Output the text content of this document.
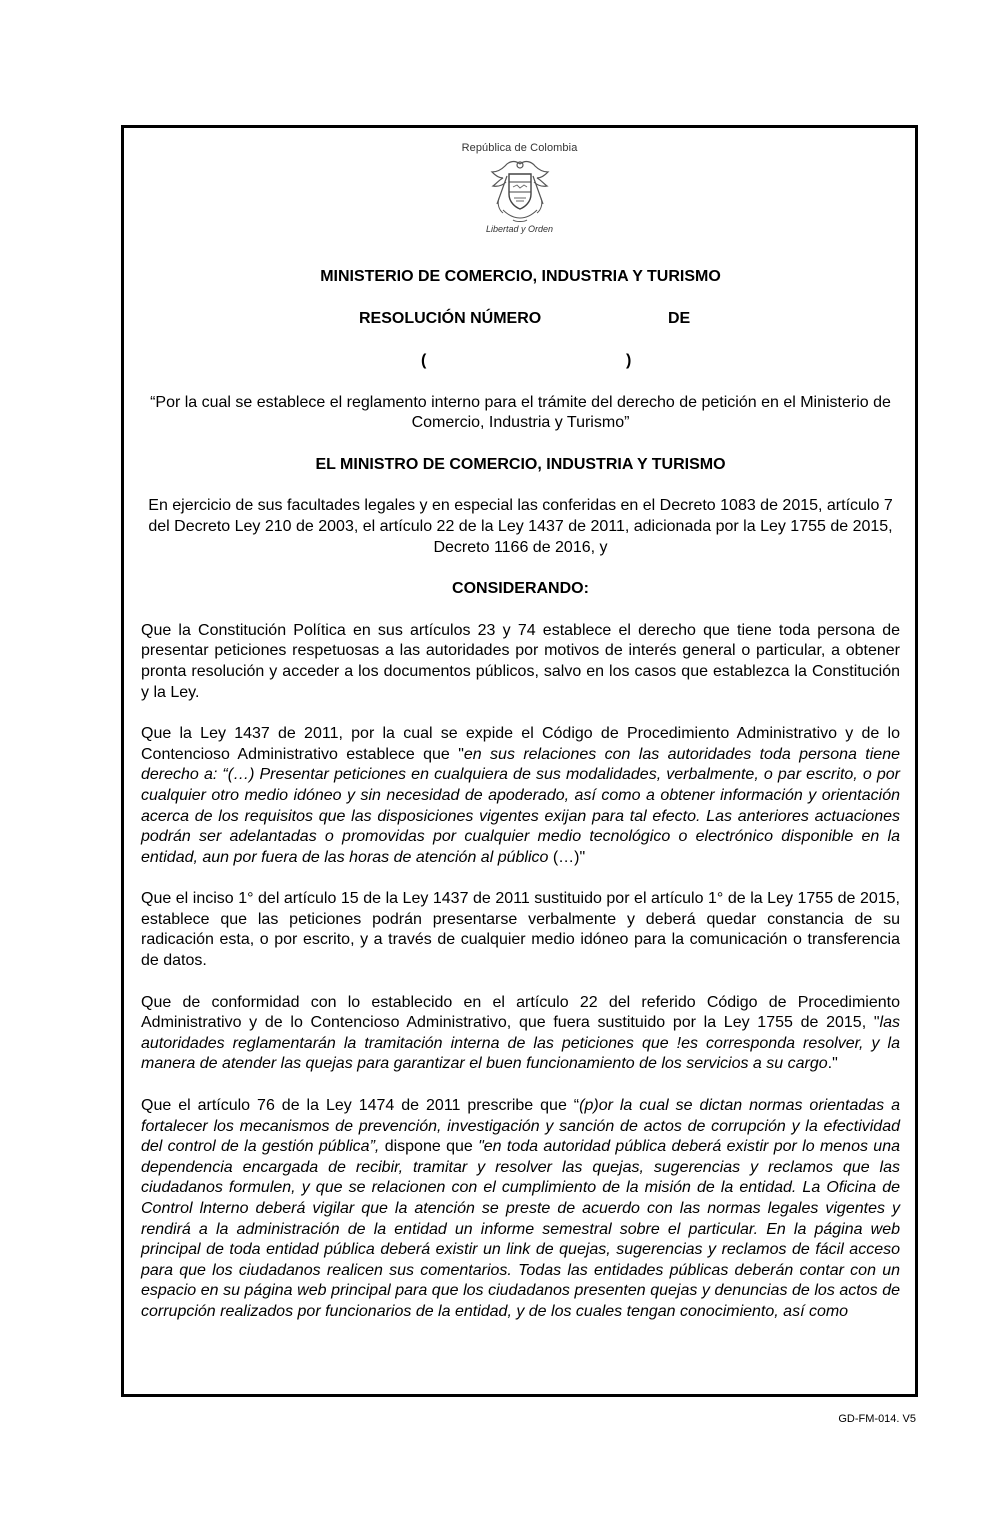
República de Colombia
Libertad y Orden

MINISTERIO DE COMERCIO, INDUSTRIA Y TURISMO

RESOLUCIÓN NÚMERO	DE
(	)

“Por la cual se establece el reglamento interno para el trámite del derecho de petición en el Ministerio de Comercio, Industria y Turismo”

EL MINISTRO DE COMERCIO, INDUSTRIA Y TURISMO

En ejercicio de sus facultades legales y en especial las conferidas en el Decreto 1083 de 2015, artículo 7 del Decreto Ley 210 de 2003, el artículo 22 de la Ley 1437 de 2011, adicionada por la Ley 1755 de 2015, Decreto 1166 de 2016, y

CONSIDERANDO:

Que la Constitución Política en sus artículos 23 y 74 establece el derecho que tiene toda persona de presentar peticiones respetuosas a las autoridades por motivos de interés general o particular, a obtener pronta resolución y acceder a los documentos públicos, salvo en los casos que establezca la Constitución y la Ley.

Que la Ley 1437 de 2011, por la cual se expide el Código de Procedimiento Administrativo y de lo Contencioso Administrativo establece que "en sus relaciones con las autoridades toda persona tiene derecho a: “(…) Presentar peticiones en cualquiera de sus modalidades, verbalmente, o par escrito, o por cualquier otro medio idóneo y sin necesidad de apoderado, así como a obtener información y orientación acerca de los requisitos que las disposiciones vigentes exijan para tal efecto. Las anteriores actuaciones podrán ser adelantadas o promovidas por cualquier medio tecnológico o electrónico disponible en la entidad, aun por fuera de las horas de atención al público (…)"

Que el inciso 1° del artículo 15 de la Ley 1437 de 2011 sustituido por el artículo 1° de la Ley 1755 de 2015, establece que las peticiones podrán presentarse verbalmente y deberá quedar constancia de su radicación esta, o por escrito, y a través de cualquier medio idóneo para la comunicación o transferencia de datos.

Que de conformidad con lo establecido en el artículo 22 del referido Código de Procedimiento Administrativo y de lo Contencioso Administrativo, que fuera sustituido por la Ley 1755 de 2015, "las autoridades reglamentarán la tramitación interna de las peticiones que !es corresponda resolver, y la manera de atender las quejas para garantizar el buen funcionamiento de los servicios a su cargo."

Que el artículo 76 de la Ley 1474 de 2011 prescribe que “(p)or la cual se dictan normas orientadas a fortalecer los mecanismos de prevención, investigación y sanción de actos de corrupción y la efectividad del control de la gestión pública”, dispone que "en toda autoridad pública deberá existir por lo menos una dependencia encargada de recibir, tramitar y resolver las quejas, sugerencias y reclamos que las ciudadanos formulen, y que se relacionen con el cumplimiento de la misión de la entidad. La Oficina de Control lnterno deberá vigilar que la atención se preste de acuerdo con las normas legales vigentes y rendirá a la administración de la entidad un informe semestral sobre el particular. En la página web principal de toda entidad pública deberá existir un link de quejas, sugerencias y reclamos de fácil acceso para que los ciudadanos realicen sus comentarios. Todas las entidades públicas deberán contar con un espacio en su página web principal para que los ciudadanos presenten quejas y denuncias de los actos de corrupción realizados por funcionarios de la entidad, y de los cuales tengan conocimiento, así como

GD-FM-014. V5
